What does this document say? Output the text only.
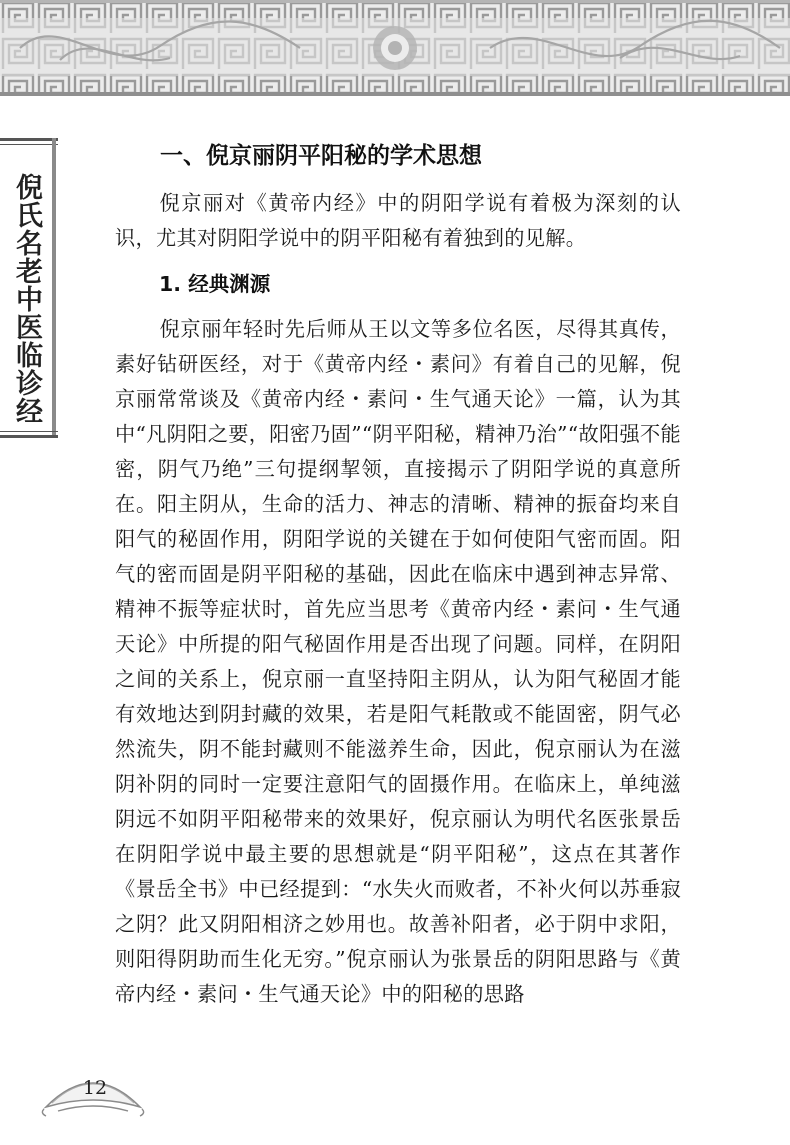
倪氏名老中医临诊经
一、倪京丽阴平阳秘的学术思想

倪京丽对《黄帝内经》中的阴阳学说有着极为深刻的认识，尤其对阴阳学说中的阴平阳秘有着独到的见解。

1. 经典渊源

倪京丽年轻时先后师从王以文等多位名医，尽得其真传，素好钻研医经，对于《黄帝内经・素问》有着自己的见解，倪京丽常常谈及《黄帝内经・素问・生气通天论》一篇，认为其中“凡阴阳之要，阳密乃固”“阴平阳秘，精神乃治”“故阳强不能密，阴气乃绝”三句提纲挈领，直接揭示了阴阳学说的真意所在。阳主阴从，生命的活力、神志的清晰、精神的振奋均来自阳气的秘固作用，阴阳学说的关键在于如何使阳气密而固。阳气的密而固是阴平阳秘的基础，因此在临床中遇到神志异常、精神不振等症状时，首先应当思考《黄帝内经・素问・生气通天论》中所提的阳气秘固作用是否出现了问题。同样，在阴阳之间的关系上，倪京丽一直坚持阳主阴从，认为阳气秘固才能有效地达到阴封藏的效果，若是阳气耗散或不能固密，阴气必然流失，阴不能封藏则不能滋养生命，因此，倪京丽认为在滋阴补阴的同时一定要注意阳气的固摄作用。在临床上，单纯滋阴远不如阴平阳秘带来的效果好，倪京丽认为明代名医张景岳在阴阳学说中最主要的思想就是“阴平阳秘”，这点在其著作《景岳全书》中已经提到：“水失火而败者，不补火何以苏垂寂之阴？此又阴阳相济之妙用也。故善补阳者，必于阴中求阳，则阳得阴助而生化无穷。”倪京丽认为张景岳的阴阳思路与《黄帝内经・素问・生气通天论》中的阳秘的思路

12
